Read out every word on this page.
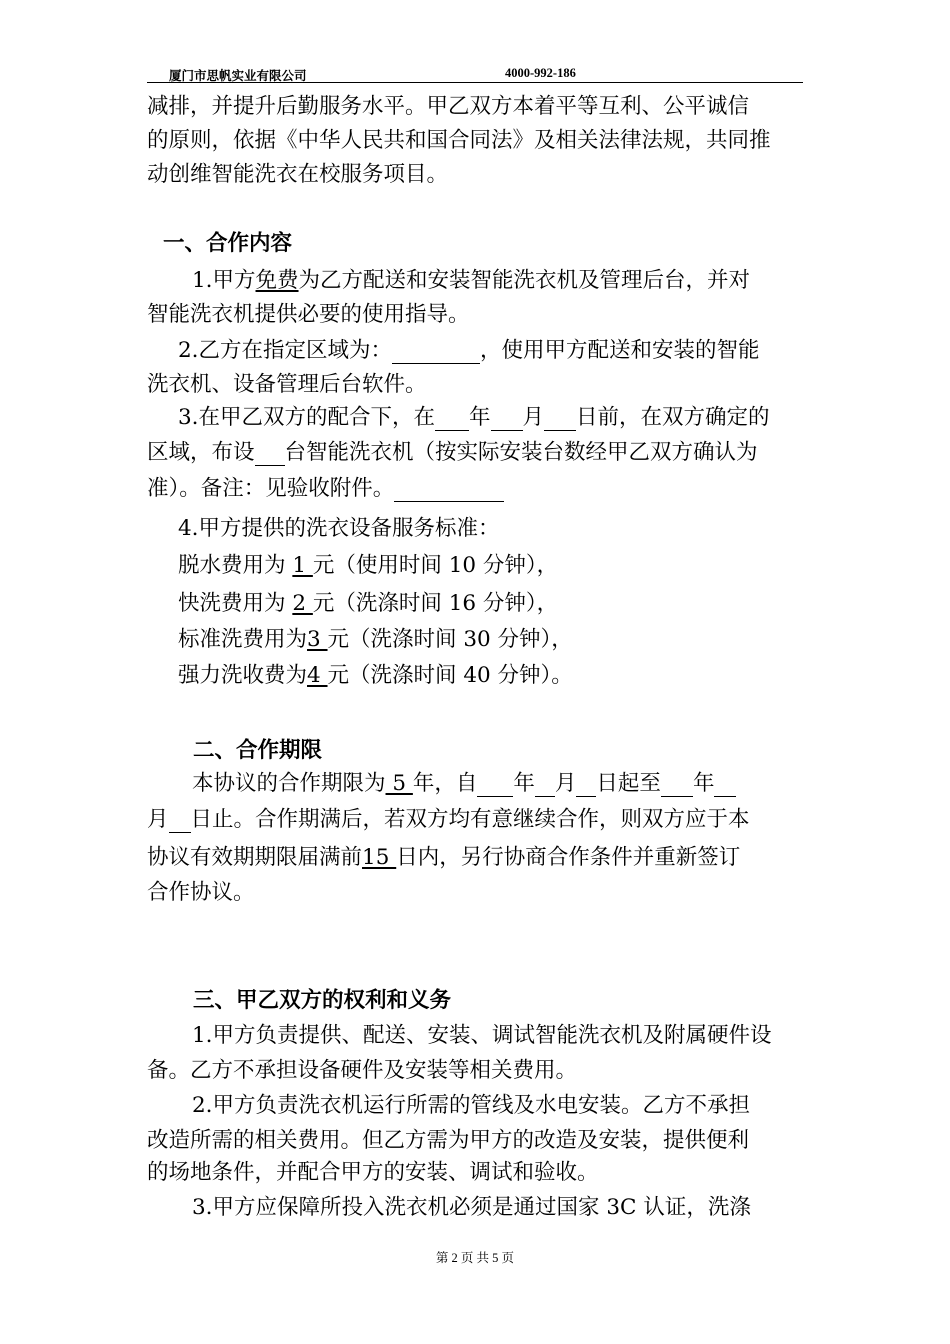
厦门市思帆实业有限公司	4000-992-186
减排，并提升后勤服务水平。甲乙双方本着平等互利、公平诚信
的原则，依据《中华人民共和国合同法》及相关法律法规，共同推
动创维智能洗衣在校服务项目。
一、合作内容
1.甲方免费为乙方配送和安装智能洗衣机及管理后台，并对
智能洗衣机提供必要的使用指导。
2.乙方在指定区域为：	，使用甲方配送和安装的智能
洗衣机、设备管理后台软件。
3.在甲乙双方的配合下，在 年 月 日前，在双方确定的
区域，布设 台智能洗衣机（按实际安装台数经甲乙双方确认为
准）。备注：见验收附件。
4.甲方提供的洗衣设备服务标准：
脱水费用为 1 元（使用时间 10 分钟），
快洗费用为 2 元（洗涤时间 16 分钟），
标准洗费用为3 元（洗涤时间 30 分钟），
强力洗收费为4 元（洗涤时间 40 分钟）。
二、合作期限
本协议的合作期限为 5 年，自 年 月 日起至 年
月 日止。合作期满后，若双方均有意继续合作，则双方应于本
协议有效期期限届满前15 日内，另行协商合作条件并重新签订
合作协议。
三、甲乙双方的权利和义务
1.甲方负责提供、配送、安装、调试智能洗衣机及附属硬件设
备。乙方不承担设备硬件及安装等相关费用。
2.甲方负责洗衣机运行所需的管线及水电安装。乙方不承担
改造所需的相关费用。但乙方需为甲方的改造及安装，提供便利
的场地条件，并配合甲方的安装、调试和验收。
3.甲方应保障所投入洗衣机必须是通过国家 3C 认证，洗涤
第 2 页 共 5 页
